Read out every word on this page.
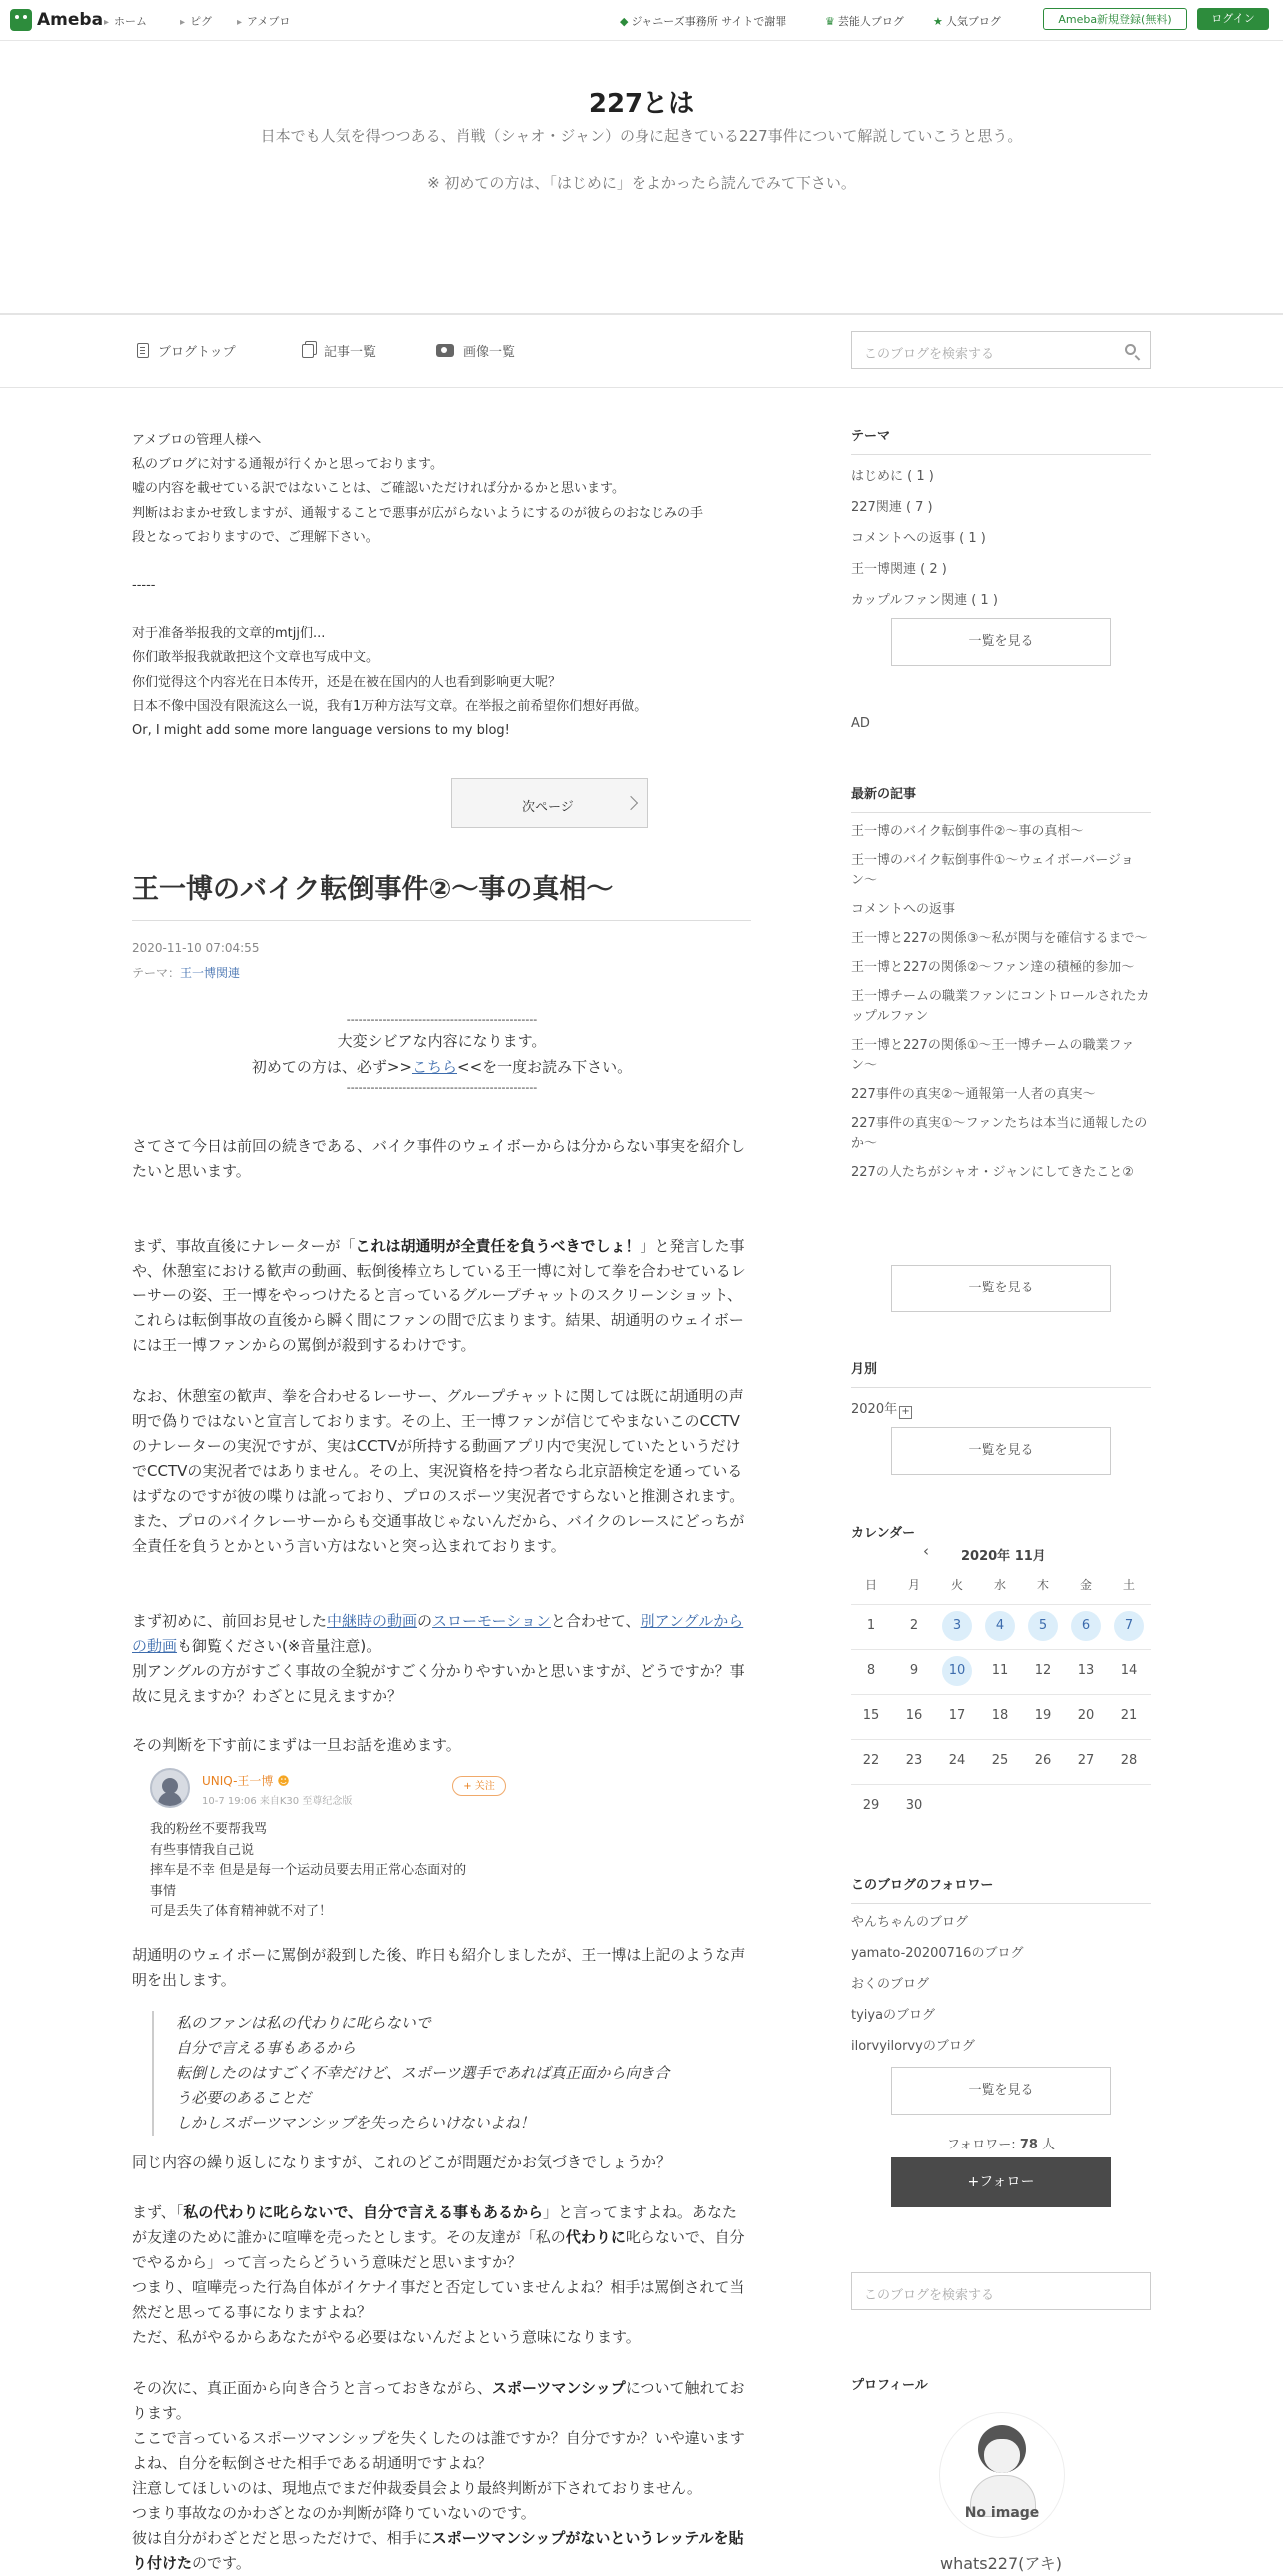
Ameba ▸ ホーム	▸ ピグ	▸ アメブロ	◆ ジャニーズ事務所 サイトで謝罪	♛ 芸能人ブログ	★ 人気ブログ	Ameba新規登録(無料)	ログイン
227とは
日本でも人気を得つつある、肖戦（シャオ・ジャン）の身に起きている227事件について解説していこうと思う。
※ 初めての方は、「はじめに」をよかったら読んでみて下さい。
ブログトップ	記事一覧	画像一覧	このブログを検索する

アメブロの管理人様へ

私のブログに対する通報が行くかと思っております。

嘘の内容を載せている訳ではないことは、ご確認いただければ分かるかと思います。

判断はおまかせ致しますが、通報することで悪事が広がらないようにするのが彼らのおなじみの手

段となっておりますので、ご理解下さい。

-----

对于准备举报我的文章的mtjj们...

你们敢举报我就敢把这个文章也写成中文。

你们觉得这个内容光在日本传开，还是在被在国内的人也看到影响更大呢？

日本不像中国没有限流这么一说，我有1万种方法写文章。在举报之前希望你们想好再做。

Or, I might add some more language versions to my blog!

次ページ
王一博のバイク転倒事件②〜事の真相〜
2020-11-10 07:04:55
テーマ：王一博関連
------------------------------------------------
大変シビアな内容になります。
初めての方は、必ず>>こちら<<を一度お読み下さい。
------------------------------------------------

さてさて今日は前回の続きである、バイク事件のウェイボーからは分からない事実を紹介したいと思います。

まず、事故直後にナレーターが「これは胡通明が全責任を負うべきでしょ！」と発言した事や、休憩室における歓声の動画、転倒後棒立ちしている王一博に対して拳を合わせているレーサーの姿、王一博をやっつけたると言っているグループチャットのスクリーンショット、これらは転倒事故の直後から瞬く間にファンの間で広まります。結果、胡通明のウェイボーには王一博ファンからの罵倒が殺到するわけです。

なお、休憩室の歓声、拳を合わせるレーサー、グループチャットに関しては既に胡通明の声明で偽りではないと宣言しております。その上、王一博ファンが信じてやまないこのCCTVのナレーターの実況ですが、実はCCTVが所持する動画アプリ内で実況していたというだけでCCTVの実況者ではありません。その上、実況資格を持つ者なら北京語検定を通っているはずなのですが彼の喋りは訛っており、プロのスポーツ実況者ですらないと推測されます。また、プロのバイクレーサーからも交通事故じゃないんだから、バイクのレースにどっちが全責任を負うとかという言い方はないと突っ込まれております。

まず初めに、前回お見せした中継時の動画のスローモーションと合わせて、別アングルからの動画も御覧ください(※音量注意)。

別アングルの方がすごく事故の全貌がすごく分かりやすいかと思いますが、どうですか？事故に見えますか？わざとに見えますか？

その判断を下す前にまずは一旦お話を進めます。

UNIQ-王一博 ☻
10-7 19:06 来自K30 至尊纪念版
+ 关注
我的粉丝不要帮我骂
有些事情我自己说
摔车是不幸 但是是每一个运动员要去用正常心态面对的
事情
可是丢失了体育精神就不对了！

胡通明のウェイボーに罵倒が殺到した後、昨日も紹介しましたが、王一博は上記のような声明を出します。

私のファンは私の代わりに叱らないで

自分で言える事もあるから

転倒したのはすごく不幸だけど、スポーツ選手であれば真正面から向き合

う必要のあることだ

しかしスポーツマンシップを失ったらいけないよね！

同じ内容の繰り返しになりますが、これのどこが問題だかお気づきでしょうか？

まず、「私の代わりに叱らないで、自分で言える事もあるから」と言ってますよね。あなたが友達のために誰かに喧嘩を売ったとします。その友達が「私の代わりに叱らないで、自分でやるから」って言ったらどういう意味だと思いますか？

つまり、喧嘩売った行為自体がイケナイ事だと否定していませんよね？相手は罵倒されて当然だと思ってる事になりますよね？

ただ、私がやるからあなたがやる必要はないんだよという意味になります。

その次に、真正面から向き合うと言っておきながら、スポーツマンシップについて触れております。

ここで言っているスポーツマンシップを失くしたのは誰ですか？自分ですか？いや違いますよね、自分を転倒させた相手である胡通明ですよね？

注意してほしいのは、現地点でまだ仲裁委員会より最終判断が下されておりません。

つまり事故なのかわざとなのか判断が降りていないのです。

彼は自分がわざとだと思っただけで、相手にスポーツマンシップがないというレッテルを貼り付けたのです。

テーマ
はじめに ( 1 )
227関連 ( 7 )
コメントへの返事 ( 1 )
王一博関連 ( 2 )
カップルファン関連 ( 1 )
一覧を見る
AD
最新の記事
王一博のバイク転倒事件②〜事の真相〜
王一博のバイク転倒事件①〜ウェイボーバージョン〜
コメントへの返事
王一博と227の関係③〜私が関与を確信するまで〜
王一博と227の関係②〜ファン達の積極的参加〜
王一博チームの職業ファンにコントロールされたカップルファン
王一博と227の関係①〜王一博チームの職業ファン〜
227事件の真実②〜通報第一人者の真実〜
227事件の真実①〜ファンたちは本当に通報したのか〜
227の人たちがシャオ・ジャンにしてきたこと②
一覧を見る
月別
2020年 +
一覧を見る
カレンダー
‹ 2020年 11月
日	月	火	水	木	金	土
1	2	3	4	5	6	7
8	9	10	11	12	13	14
15	16	17	18	19	20	21
22	23	24	25	26	27	28
29	30
このブログのフォロワー
やんちゃんのブログ
yamato-20200716のブログ
おくのブログ
tyiyaのブログ
ilorvyilorvyのブログ
一覧を見る
フォロワー: 78 人
+フォロー
このブログを検索する
プロフィール
No image
whats227(アキ)
